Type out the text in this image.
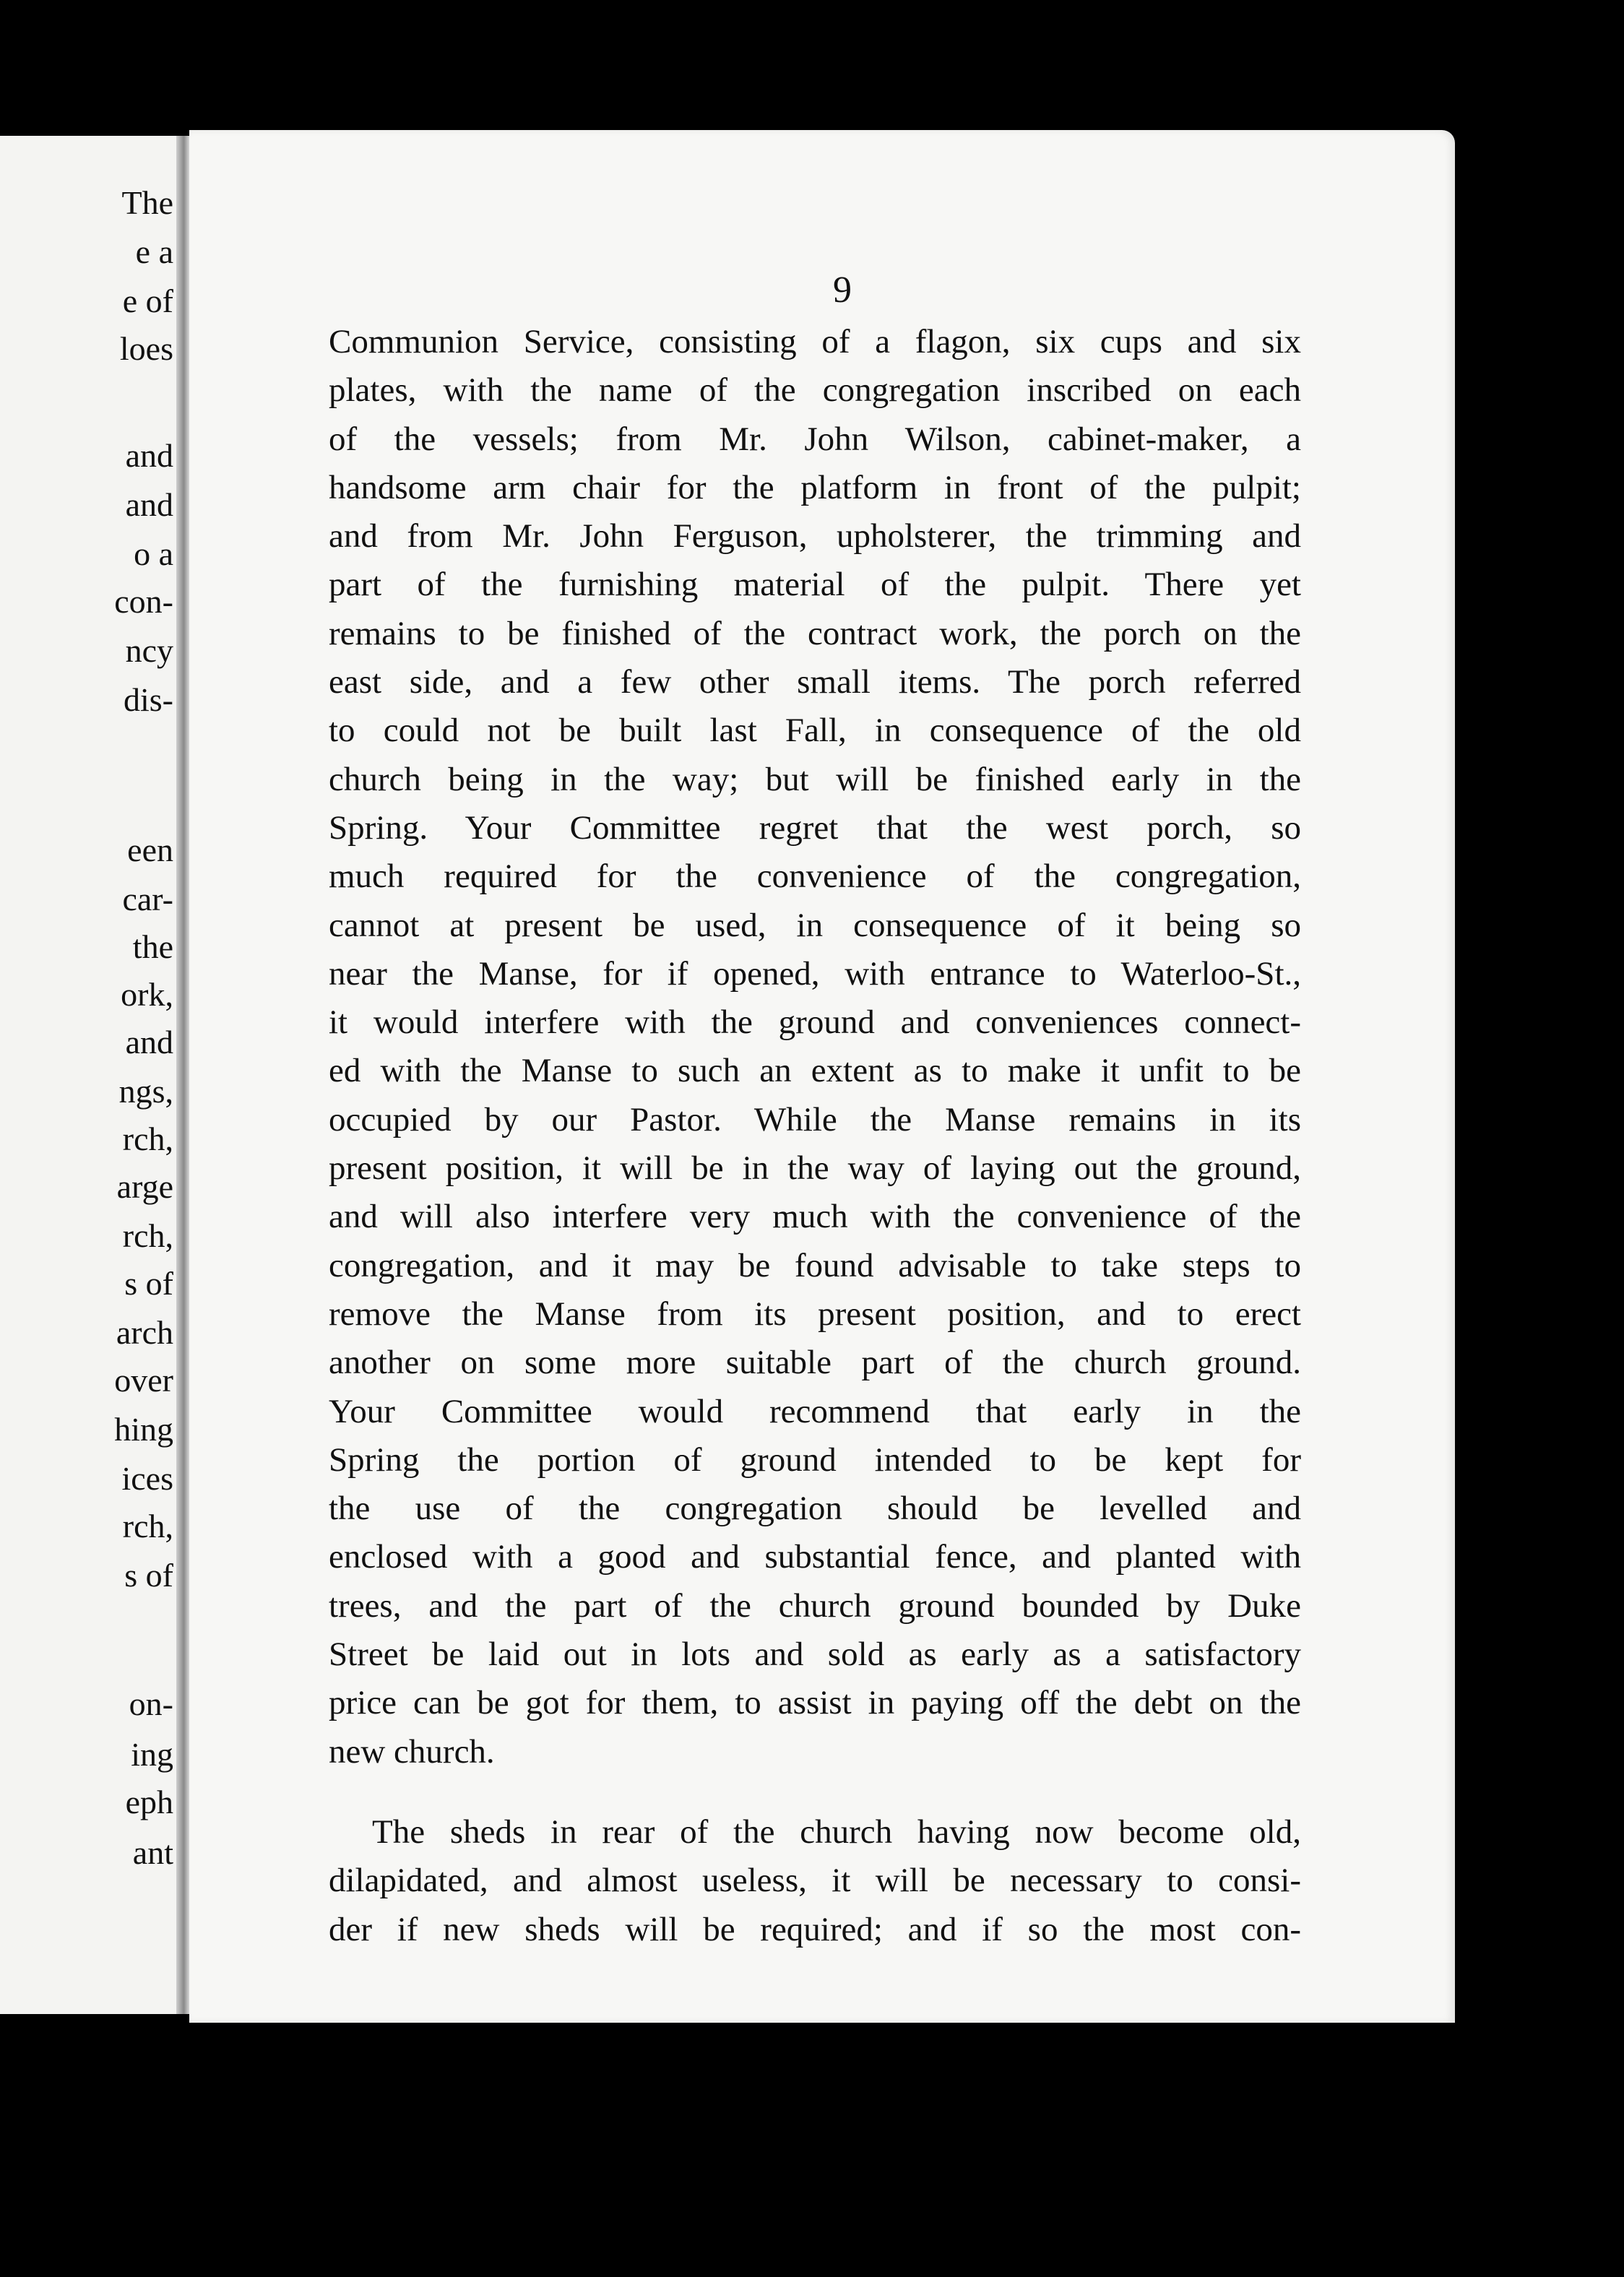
The
e a
e of
loes
and
and
o a
con-
ncy
dis-
een
car-
the
ork,
and
ngs,
rch,
arge
rch,
s of
arch
over
hing
ices
rch,
s of
on-
ing
eph
ant
9
Communion Service, consisting of a flagon, six cups and six
plates, with the name of the congregation inscribed on each
of the vessels; from Mr. John Wilson, cabinet-maker, a
handsome arm chair for the platform in front of the pulpit;
and from Mr. John Ferguson, upholsterer, the trimming and
part of the furnishing material of the pulpit. There yet
remains to be finished of the contract work, the porch on the
east side, and a few other small items. The porch referred
to could not be built last Fall, in consequence of the old
church being in the way; but will be finished early in the
Spring. Your Committee regret that the west porch, so
much required for the convenience of the congregation,
cannot at present be used, in consequence of it being so
near the Manse, for if opened, with entrance to Waterloo-St.,
it would interfere with the ground and conveniences connect-
ed with the Manse to such an extent as to make it unfit to be
occupied by our Pastor. While the Manse remains in its
present position, it will be in the way of laying out the ground,
and will also interfere very much with the convenience of the
congregation, and it may be found advisable to take steps to
remove the Manse from its present position, and to erect
another on some more suitable part of the church ground.
Your Committee would recommend that early in the
Spring the portion of ground intended to be kept for
the use of the congregation should be levelled and
enclosed with a good and substantial fence, and planted with
trees, and the part of the church ground bounded by Duke
Street be laid out in lots and sold as early as a satisfactory
price can be got for them, to assist in paying off the debt on the
new church.
The sheds in rear of the church having now become old,
dilapidated, and almost useless, it will be necessary to consi-
der if new sheds will be required; and if so the most con-
